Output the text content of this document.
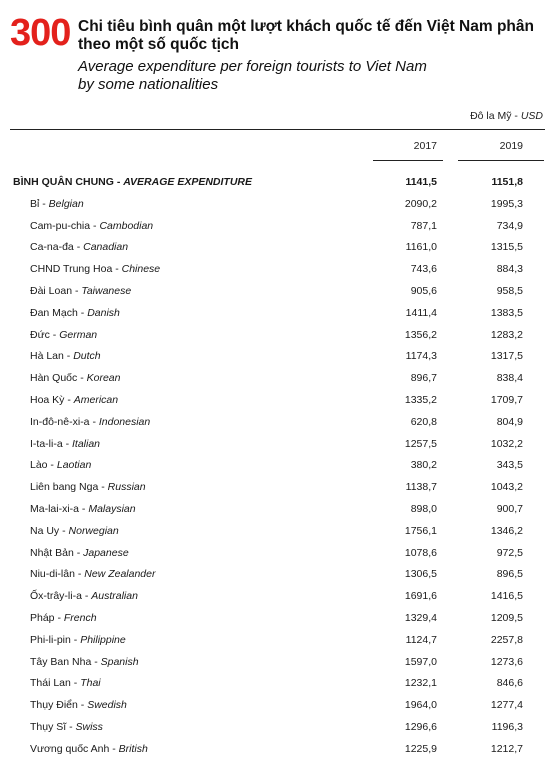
300 Chi tiêu bình quân một lượt khách quốc tế đến Việt Nam phân theo một số quốc tịch
Average expenditure per foreign tourists to Viet Nam
by some nationalities
Đô la Mỹ - USD
2017	2019
BÌNH QUÂN CHUNG - AVERAGE EXPENDITURE	1141,5	1151,8
Bỉ - Belgian	2090,2	1995,3
Cam-pu-chia - Cambodian	787,1	734,9
Ca-na-đa - Canadian	1161,0	1315,5
CHND Trung Hoa - Chinese	743,6	884,3
Đài Loan - Taiwanese	905,6	958,5
Đan Mạch - Danish	1411,4	1383,5
Đức - German	1356,2	1283,2
Hà Lan - Dutch	1174,3	1317,5
Hàn Quốc - Korean	896,7	838,4
Hoa Kỳ - American	1335,2	1709,7
In-đô-nê-xi-a - Indonesian	620,8	804,9
I-ta-li-a - Italian	1257,5	1032,2
Lào - Laotian	380,2	343,5
Liên bang Nga - Russian	1138,7	1043,2
Ma-lai-xi-a - Malaysian	898,0	900,7
Na Uy - Norwegian	1756,1	1346,2
Nhật Bản - Japanese	1078,6	972,5
Niu-di-lân - New Zealander	1306,5	896,5
Ốx-trây-li-a - Australian	1691,6	1416,5
Pháp - French	1329,4	1209,5
Phi-li-pin - Philippine	1124,7	2257,8
Tây Ban Nha - Spanish	1597,0	1273,6
Thái Lan - Thai	1232,1	846,6
Thụy Điển - Swedish	1964,0	1277,4
Thụy Sĩ - Swiss	1296,6	1196,3
Vương quốc Anh - British	1225,9	1212,7
